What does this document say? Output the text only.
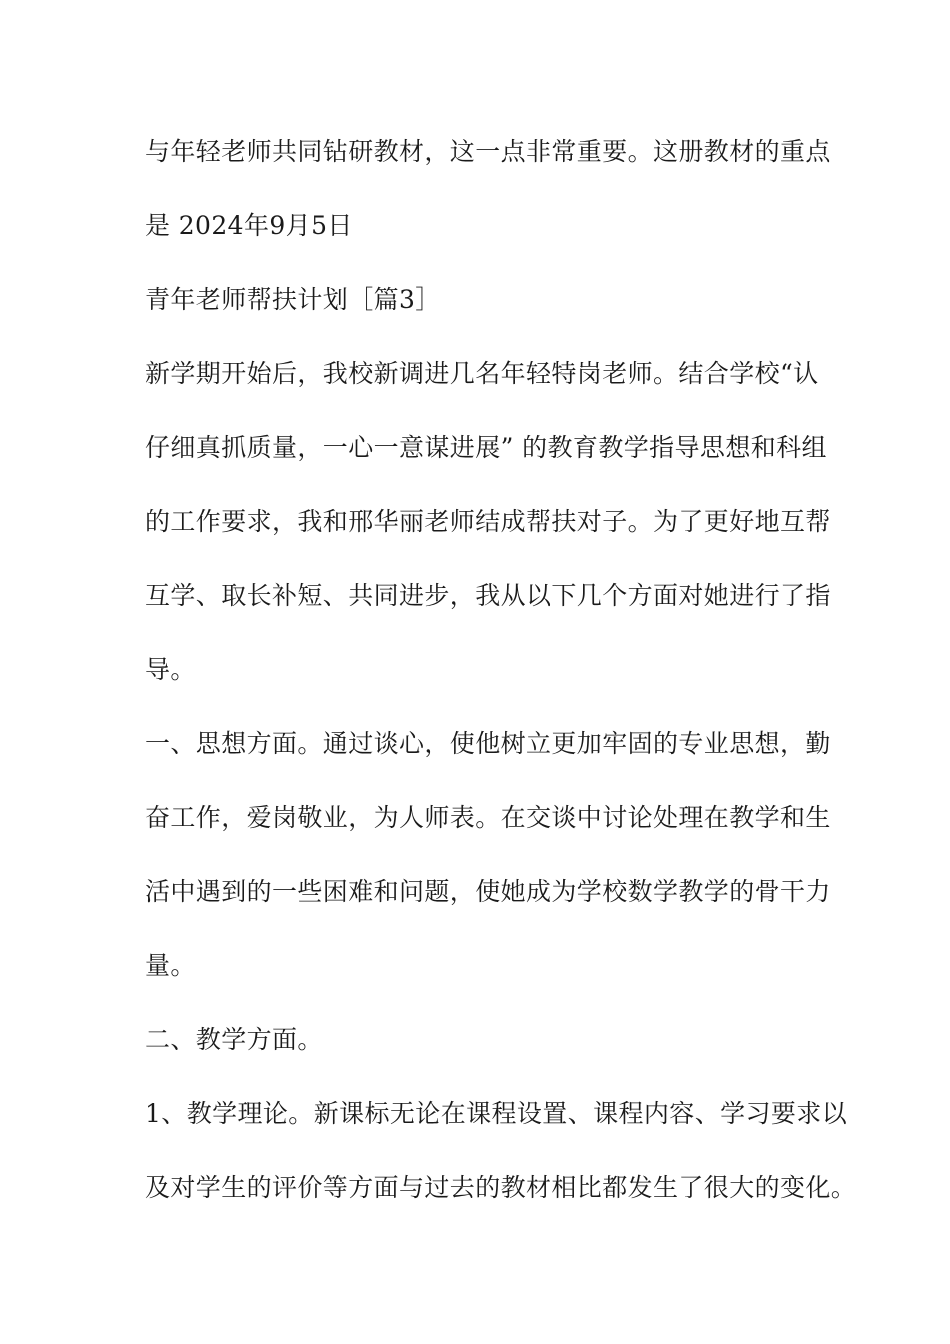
与年轻老师共同钻研教材，这一点非常重要。这册教材的重点

是 2024年9月5日

青年老师帮扶计划［篇3］

新学期开始后，我校新调进几名年轻特岗老师。结合学校“认

仔细真抓质量，一心一意谋进展” 的教育教学指导思想和科组

的工作要求，我和邢华丽老师结成帮扶对子。为了更好地互帮

互学、取长补短、共同进步，我从以下几个方面对她进行了指

导。

一、思想方面。通过谈心，使他树立更加牢固的专业思想，勤

奋工作，爱岗敬业，为人师表。在交谈中讨论处理在教学和生

活中遇到的一些困难和问题，使她成为学校数学教学的骨干力

量。

二、教学方面。

1、教学理论。新课标无论在课程设置、课程内容、学习要求以

及对学生的评价等方面与过去的教材相比都发生了很大的变化。
